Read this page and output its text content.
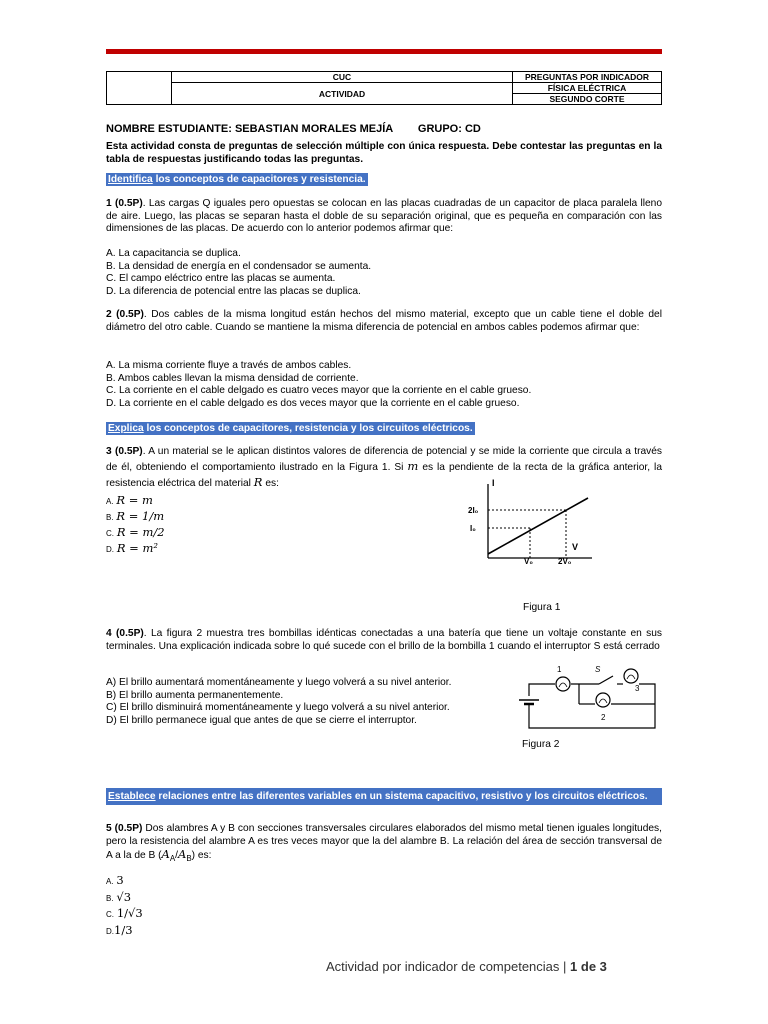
	CUC	PREGUNTAS POR INDICADOR
	ACTIVIDAD	FÍSICA ELÉCTRICA
		SEGUNDO CORTE
NOMBRE ESTUDIANTE: SEBASTIAN MORALES MEJÍA GRUPO: CD
Esta actividad consta de preguntas de selección múltiple con única respuesta. Debe contestar las preguntas en la tabla de respuestas justificando todas las preguntas.
Identifica los conceptos de capacitores y resistencia.
1 (0.5P). Las cargas Q iguales pero opuestas se colocan en las placas cuadradas de un capacitor de placa paralela lleno de aire. Luego, las placas se separan hasta el doble de su separación original, que es pequeña en comparación con las dimensiones de las placas. De acuerdo con lo anterior podemos afirmar que:
A. La capacitancia se duplica.
B. La densidad de energía en el condensador se aumenta.
C. El campo eléctrico entre las placas se aumenta.
D. La diferencia de potencial entre las placas se duplica.
2 (0.5P). Dos cables de la misma longitud están hechos del mismo material, excepto que un cable tiene el doble del diámetro del otro cable. Cuando se mantiene la misma diferencia de potencial en ambos cables podemos afirmar que:
A. La misma corriente fluye a través de ambos cables.
B. Ambos cables llevan la misma densidad de corriente.
C. La corriente en el cable delgado es cuatro veces mayor que la corriente en el cable grueso.
D. La corriente en el cable delgado es dos veces mayor que la corriente en el cable grueso.
Explica los conceptos de capacitores, resistencia y los circuitos eléctricos.
3 (0.5P). A un material se le aplican distintos valores de diferencia de potencial y se mide la corriente que circula a través de él, obteniendo el comportamiento ilustrado en la Figura 1. Si m es la pendiente de la recta de la gráfica anterior, la resistencia eléctrica del material R es:
A. R = m
B. R = 1/m
C. R = m/2
D. R = m²
I
V
I₀
2I₀
V₀	2V₀
Figura 1
4 (0.5P). La figura 2 muestra tres bombillas idénticas conectadas a una batería que tiene un voltaje constante en sus terminales. Una explicación indicada sobre lo qué sucede con el brillo de la bombilla 1 cuando el interruptor S está cerrado
A) El brillo aumentará momentáneamente y luego volverá a su nivel anterior.
B) El brillo aumenta permanentemente.
C) El brillo disminuirá momentáneamente y luego volverá a su nivel anterior.
D) El brillo permanece igual que antes de que se cierre el interruptor.
1
2
3
S
Figura 2
Establece relaciones entre las diferentes variables en un sistema capacitivo, resistivo y los circuitos eléctricos.
5 (0.5P) Dos alambres A y B con secciones transversales circulares elaborados del mismo metal tienen iguales longitudes, pero la resistencia del alambre A es tres veces mayor que la del alambre B. La relación del área de sección transversal de A a la de B $(A_A/A_B)$ es:
A. 3
B. √3
C. 1/√3
D.1/3
Actividad por indicador de competencias | 1 de 3
